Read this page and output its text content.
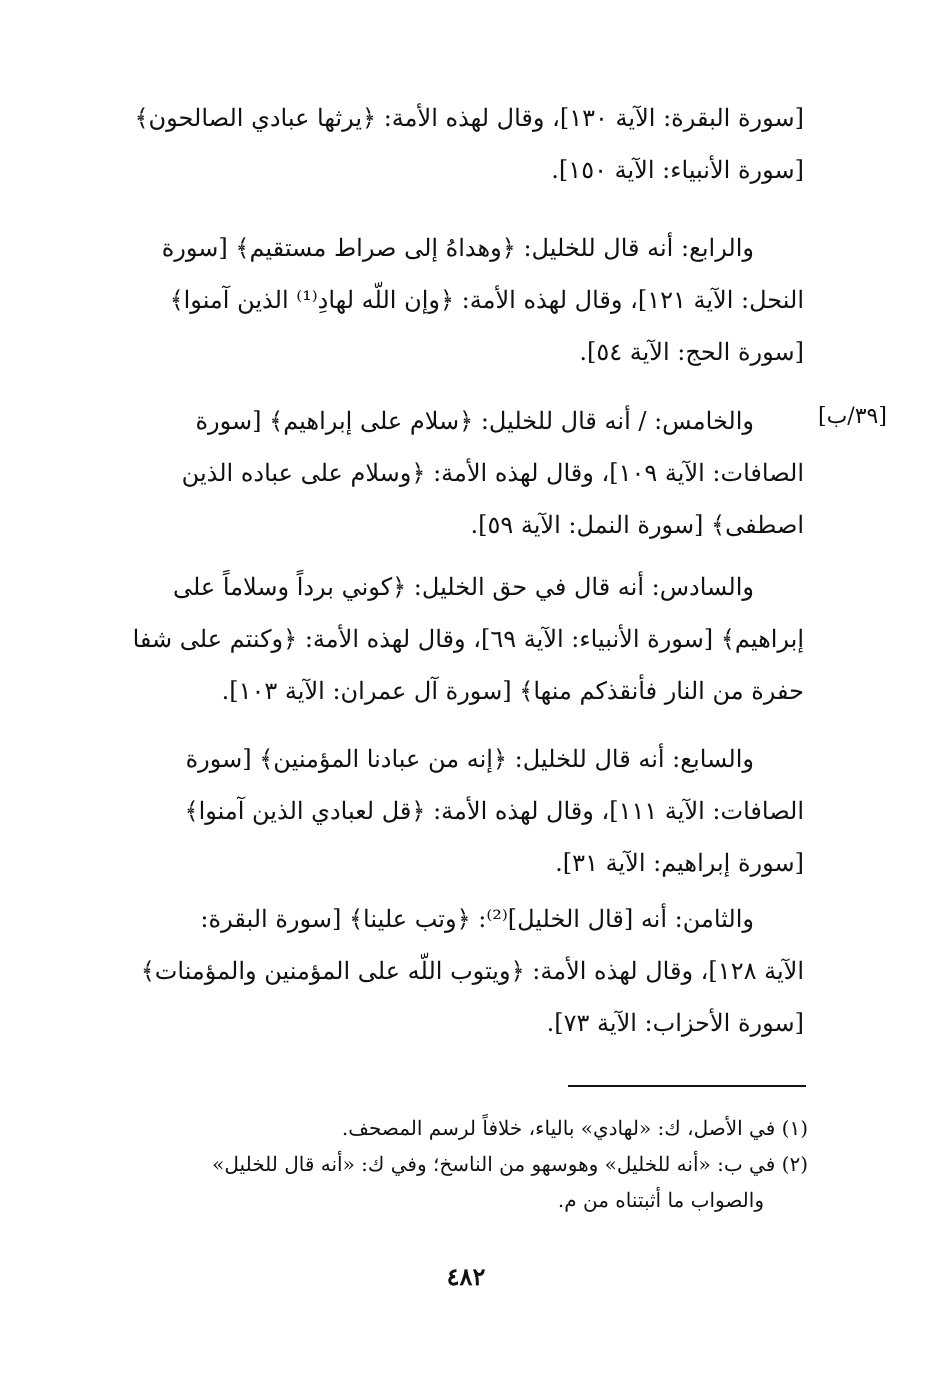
[سورة البقرة: الآية ١٣٠]، وقال لهذه الأمة: ﴿يرثها عبادي الصالحون﴾

[سورة الأنبياء: الآية ١٥٠].

والرابع: أنه قال للخليل: ﴿وهداهُ إلى صراط مستقيم﴾ [سورة

النحل: الآية ١٢١]، وقال لهذه الأمة: ﴿وإن اللّه لهادِ⁽¹⁾ الذين آمنوا﴾

[سورة الحج: الآية ٥٤].

[٣٩/ب]

والخامس: / أنه قال للخليل: ﴿سلام على إبراهيم﴾ [سورة

الصافات: الآية ١٠٩]، وقال لهذه الأمة: ﴿وسلام على عباده الذين

اصطفى﴾ [سورة النمل: الآية ٥٩].

والسادس: أنه قال في حق الخليل: ﴿كوني برداً وسلاماً على

إبراهيم﴾ [سورة الأنبياء: الآية ٦٩]، وقال لهذه الأمة: ﴿وكنتم على شفا

حفرة من النار فأنقذكم منها﴾ [سورة آل عمران: الآية ١٠٣].

والسابع: أنه قال للخليل: ﴿إنه من عبادنا المؤمنين﴾ [سورة

الصافات: الآية ١١١]، وقال لهذه الأمة: ﴿قل لعبادي الذين آمنوا﴾

[سورة إبراهيم: الآية ٣١].

والثامن: أنه [قال الخليل]⁽²⁾: ﴿وتب علينا﴾ [سورة البقرة:

الآية ١٢٨]، وقال لهذه الأمة: ﴿ويتوب اللّه على المؤمنين والمؤمنات﴾

[سورة الأحزاب: الآية ٧٣].

(١) في الأصل، ك: «لهادي» بالياء، خلافاً لرسم المصحف.

(٢) في ب: «أنه للخليل» وهوسهو من الناسخ؛ وفي ك: «أنه قال للخليل»

والصواب ما أثبتناه من م.

٤٨٢
